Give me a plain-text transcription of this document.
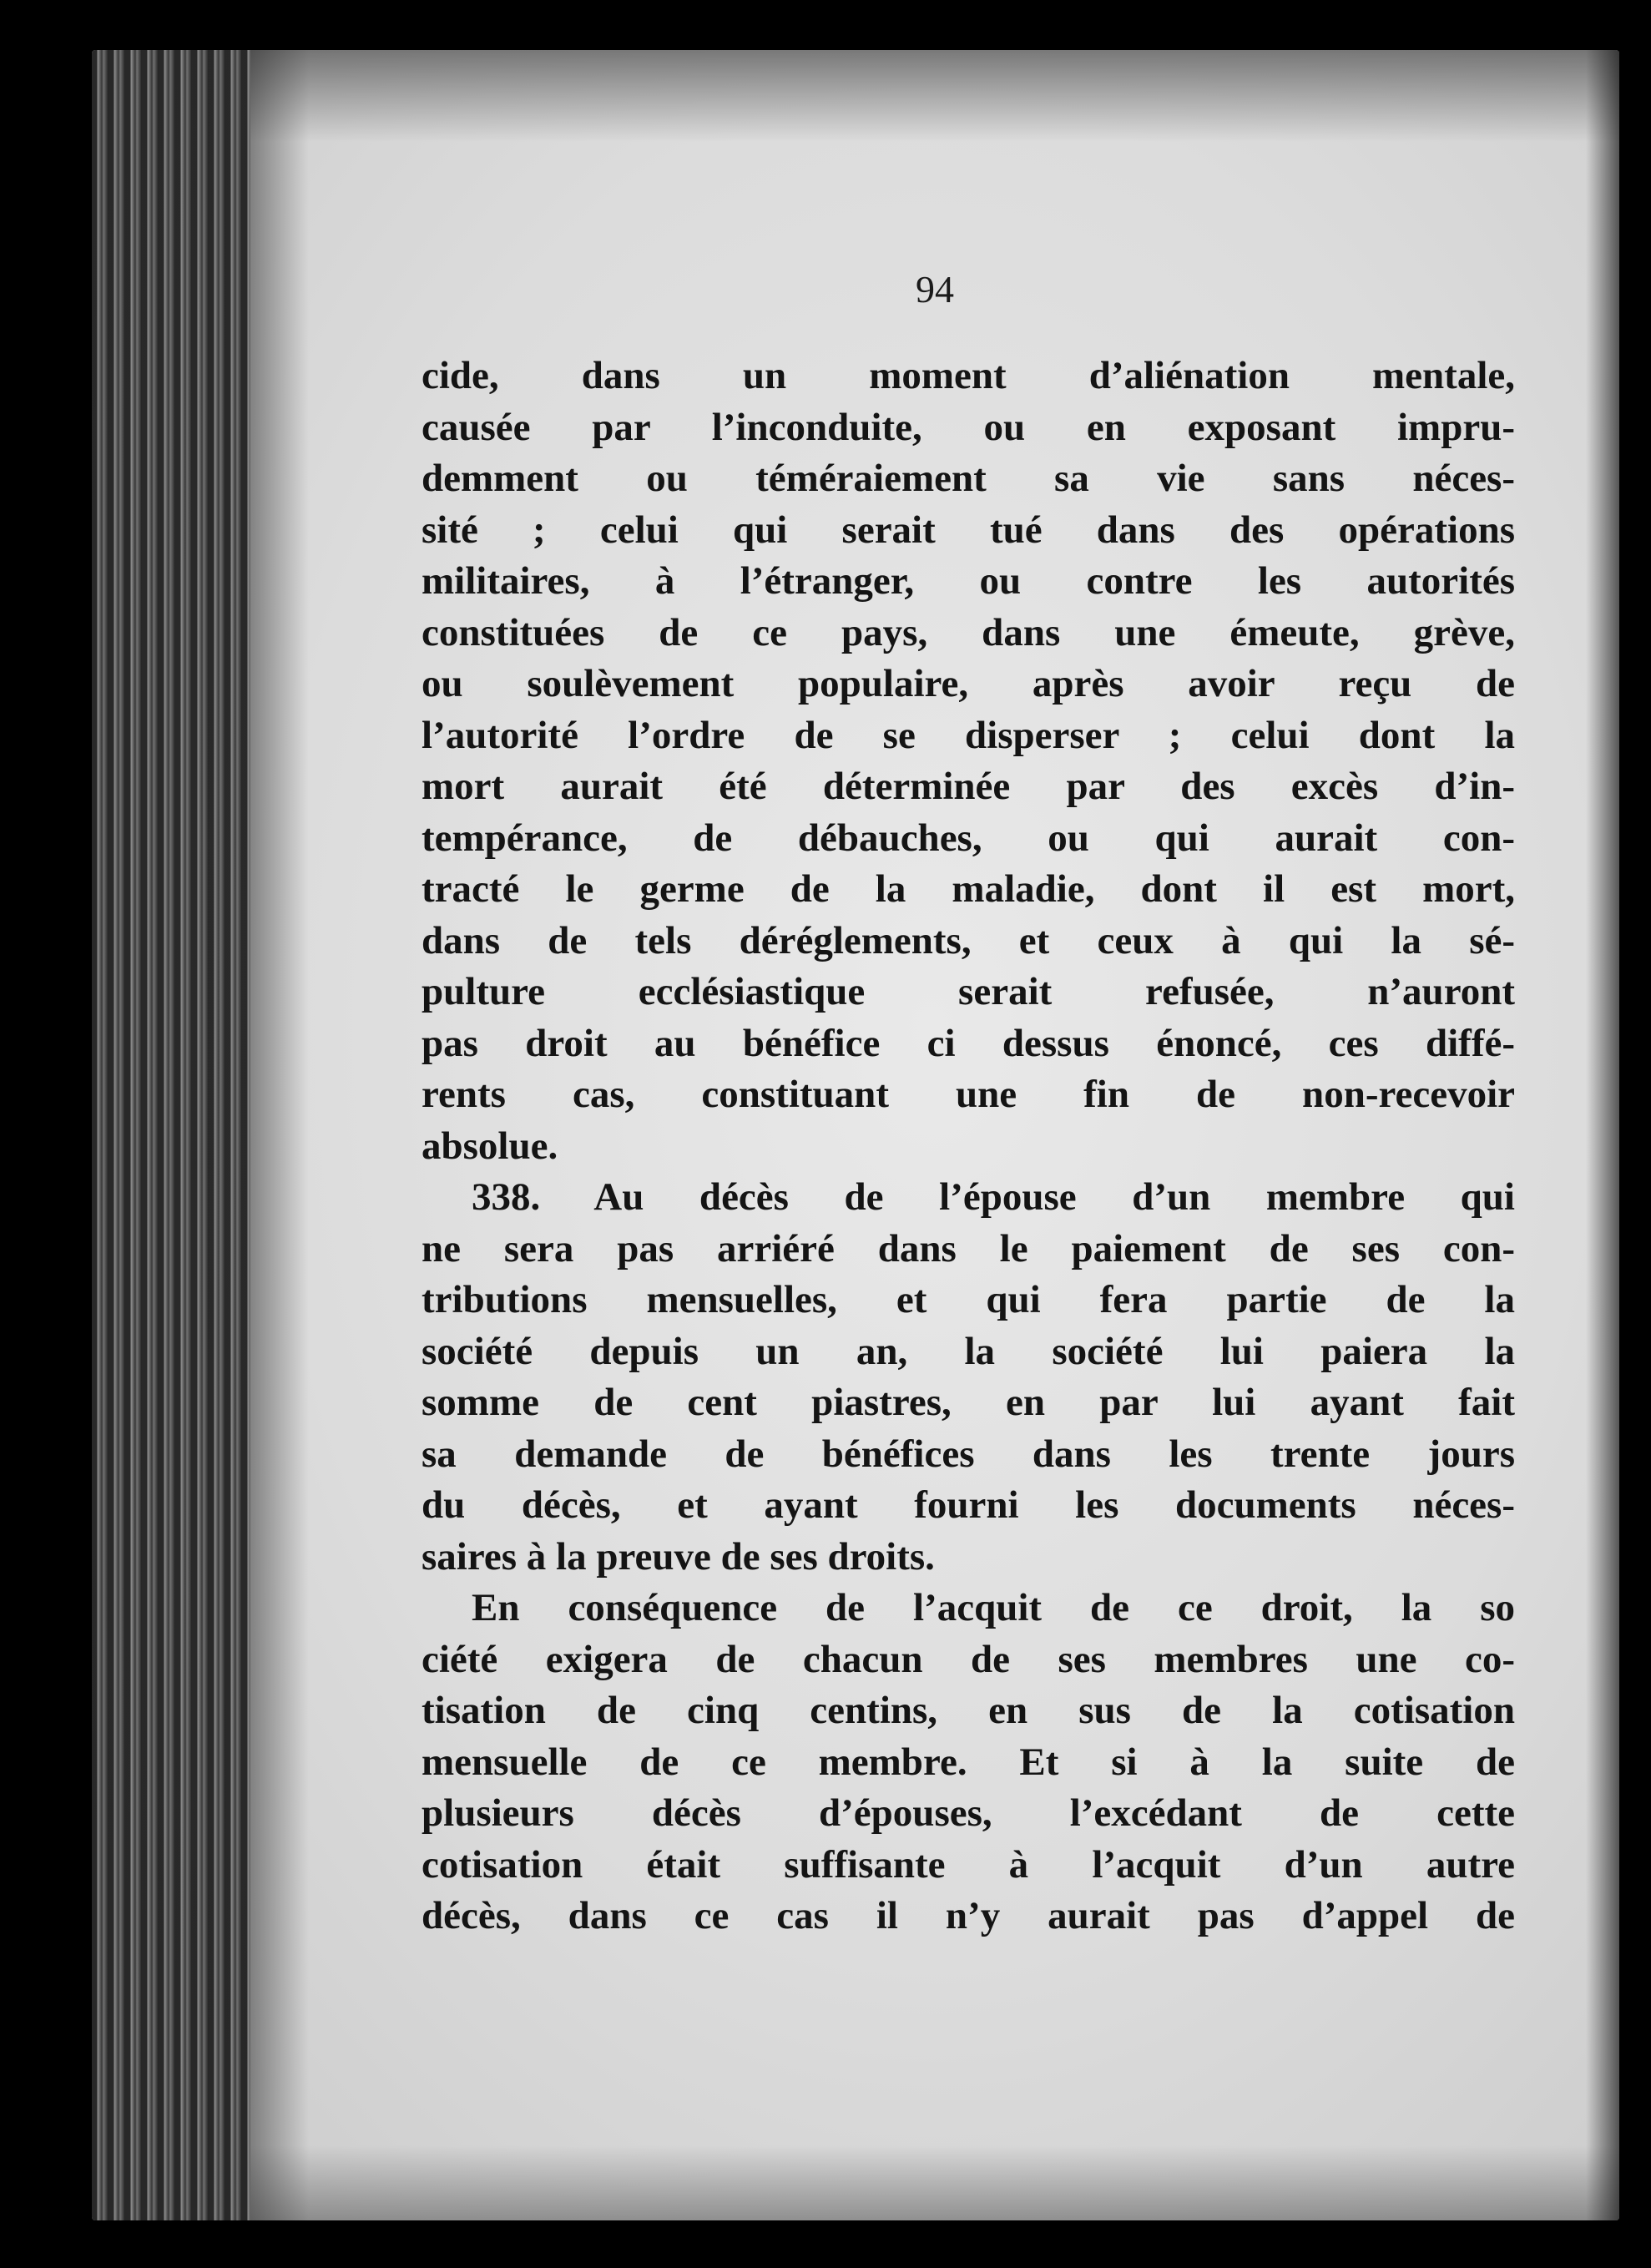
94
cide, dans un moment d’aliénation mentale,
causée par l’inconduite, ou en exposant impru-
demment ou téméraiement sa vie sans néces-
sité ; celui qui serait tué dans des opérations
militaires, à l’étranger, ou contre les autorités
constituées de ce pays, dans une émeute, grève,
ou soulèvement populaire, après avoir reçu de
l’autorité l’ordre de se disperser ; celui dont la
mort aurait été déterminée par des excès d’in-
tempérance, de débauches, ou qui aurait con-
tracté le germe de la maladie, dont il est mort,
dans de tels déréglements, et ceux à qui la sé-
pulture ecclésiastique serait refusée, n’auront
pas droit au bénéfice ci dessus énoncé, ces diffé-
rents cas, constituant une fin de non-recevoir
absolue.
338. Au décès de l’épouse d’un membre qui
ne sera pas arriéré dans le paiement de ses con-
tributions mensuelles, et qui fera partie de la
société depuis un an, la société lui paiera la
somme de cent piastres, en par lui ayant fait
sa demande de bénéfices dans les trente jours
du décès, et ayant fourni les documents néces-
saires à la preuve de ses droits.
En conséquence de l’acquit de ce droit, la so
ciété exigera de chacun de ses membres une co-
tisation de cinq centins, en sus de la cotisation
mensuelle de ce membre. Et si à la suite de
plusieurs décès d’épouses, l’excédant de cette
cotisation était suffisante à l’acquit d’un autre
décès, dans ce cas il n’y aurait pas d’appel de
